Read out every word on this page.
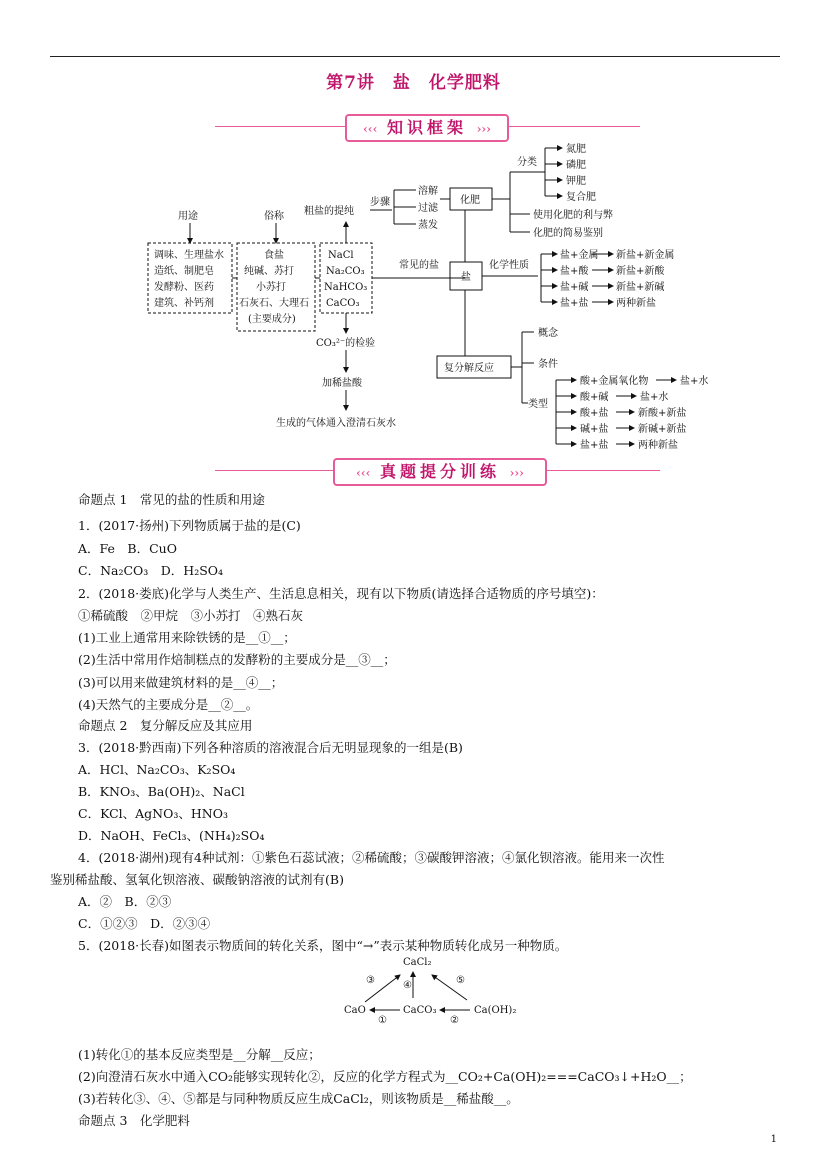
第7讲　盐　化学肥料
‹‹‹ 知识框架 ›››
用途	俗称
调味、生理盐水
造纸、制肥皂
发酵粉、医药
建筑、补钙剂
食盐
纯碱、苏打
小苏打
石灰石、大理石
(主要成分)
NaCl
Na₂CO₃
NaHCO₃
CaCO₃
粗盐的提纯
步骤
溶解
过滤
蒸发
化肥
分类
氮肥
磷肥
钾肥
复合肥
使用化肥的利与弊
化肥的简易鉴别
常见的盐
盐
化学性质
盐+金属 新盐+新金属
盐+酸	新盐+新酸
盐+碱	新盐+新碱
盐+盐	两种新盐
CO₃²⁻的检验
加稀盐酸
生成的气体通入澄清石灰水
复分解反应
概念
条件
类型
酸+金属氧化物	盐+水
酸+碱	盐+水
酸+盐	新酸+新盐
碱+盐	新碱+新盐
盐+盐	两种新盐
CaCl₂
CaO	CaCO₃	Ca(OH)₂
①	②
③	④	⑤
‹‹‹ 真题提分训练 ›››
命题点 1　常见的盐的性质和用途
1．(2017·扬州)下列物质属于盐的是(C)
A．Fe　B．CuO
C．Na₂CO₃　D．H₂SO₄
2．(2018·娄底)化学与人类生产、生活息息相关，现有以下物质(请选择合适物质的序号填空)：
①稀硫酸　②甲烷　③小苏打　④熟石灰
(1)工业上通常用来除铁锈的是__①__；
(2)生活中常用作焙制糕点的发酵粉的主要成分是__③__；
(3)可以用来做建筑材料的是__④__；
(4)天然气的主要成分是__②__。
命题点 2　复分解反应及其应用
3．(2018·黔西南)下列各种溶质的溶液混合后无明显现象的一组是(B)
A．HCl、Na₂CO₃、K₂SO₄
B．KNO₃、Ba(OH)₂、NaCl
C．KCl、AgNO₃、HNO₃
D．NaOH、FeCl₃、(NH₄)₂SO₄
4．(2018·湖州)现有4种试剂：①紫色石蕊试液；②稀硫酸；③碳酸钾溶液；④氯化钡溶液。能用来一次性
鉴别稀盐酸、氢氧化钡溶液、碳酸钠溶液的试剂有(B)
A．②　B．②③
C．①②③　D．②③④
5．(2018·长春)如图表示物质间的转化关系，图中“→”表示某种物质转化成另一种物质。
(1)转化①的基本反应类型是__分解__反应；
(2)向澄清石灰水中通入CO₂能够实现转化②，反应的化学方程式为__CO₂+Ca(OH)₂===CaCO₃↓+H₂O__；
(3)若转化③、④、⑤都是与同种物质反应生成CaCl₂，则该物质是__稀盐酸__。
命题点 3　化学肥料
1
